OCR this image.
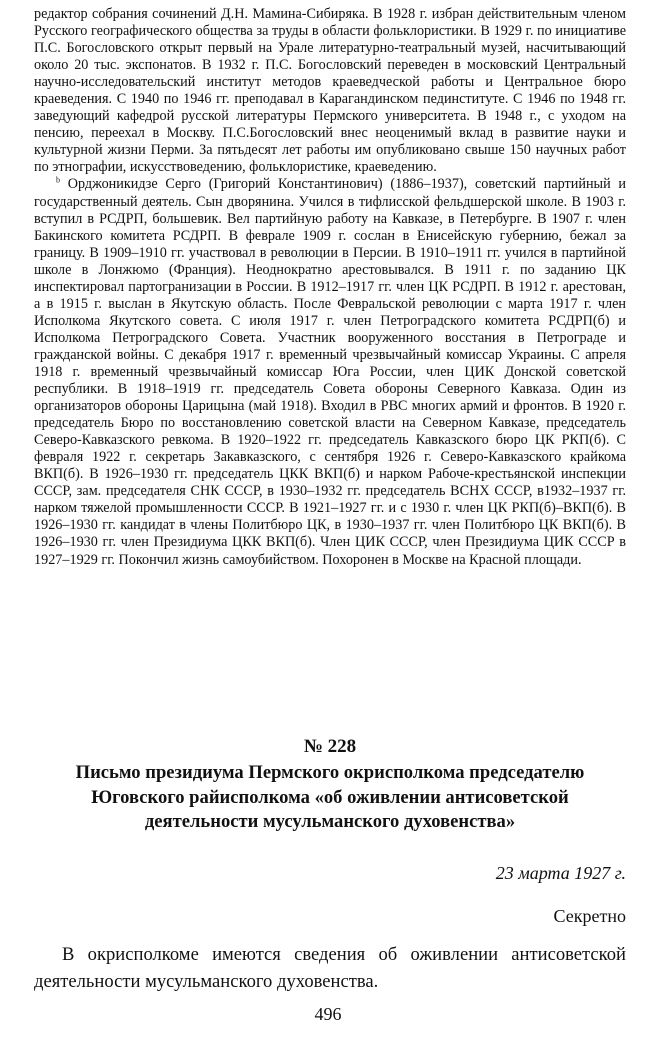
редактор собрания сочинений Д.Н. Мамина-Сибиряка. В 1928 г. избран действительным членом Русского географического общества за труды в области фольклористики. В 1929 г. по инициативе П.С. Богословского открыт первый на Урале литературно-театральный музей, насчитывающий около 20 тыс. экспонатов. В 1932 г. П.С. Богословский переведен в московский Центральный научно-исследовательский институт методов краеведческой работы и Центральное бюро краеведения. С 1940 по 1946 гг. преподавал в Карагандинском пединституте. С 1946 по 1948 гг. заведующий кафедрой русской литературы Пермского университета. В 1948 г., с уходом на пенсию, переехал в Москву. П.С.Богословский внес неоценимый вклад в развитие науки и культурной жизни Перми. За пятьдесят лет работы им опубликовано свыше 150 научных работ по этнографии, искусствоведению, фольклористике, краеведению.

$^b$ Орджоникидзе Серго (Григорий Константинович) (1886–1937), советский партийный и государственный деятель. Сын дворянина. Учился в тифлисской фельдшерской школе. В 1903 г. вступил в РСДРП, большевик. Вел партийную работу на Кавказе, в Петербурге. В 1907 г. член Бакинского комитета РСДРП. В феврале 1909 г. сослан в Енисейскую губернию, бежал за границу. В 1909–1910 гг. участвовал в революции в Персии. В 1910–1911 гг. учился в партийной школе в Лонжюмо (Франция). Неоднократно арестовывался. В 1911 г. по заданию ЦК инспектировал партогранизации в России. В 1912–1917 гг. член ЦК РСДРП. В 1912 г. арестован, а в 1915 г. выслан в Якутскую область. После Февральской революции с марта 1917 г. член Исполкома Якутского совета. С июля 1917 г. член Петроградского комитета РСДРП(б) и Исполкома Петроградского Совета. Участник вооруженного восстания в Петрограде и гражданской войны. С декабря 1917 г. временный чрезвычайный комиссар Украины. С апреля 1918 г. временный чрезвычайный комиссар Юга России, член ЦИК Донской советской республики. В 1918–1919 гг. председатель Совета обороны Северного Кавказа. Один из организаторов обороны Царицына (май 1918). Входил в РВС многих армий и фронтов. В 1920 г. председатель Бюро по восстановлению советской власти на Северном Кавказе, председатель Северо-Кавказского ревкома. В 1920–1922 гг. председатель Кавказского бюро ЦК РКП(б). С февраля 1922 г. секретарь Закавказского, с сентября 1926 г. Северо-Кавказского крайкома ВКП(б). В 1926–1930 гг. председатель ЦКК ВКП(б) и нарком Рабоче-крестьянской инспекции СССР, зам. председателя СНК СССР, в 1930–1932 гг. председатель ВСНХ СССР, в1932–1937 гг. нарком тяжелой промышленности СССР. В 1921–1927 гг. и с 1930 г. член ЦК РКП(б)–ВКП(б). В 1926–1930 гг. кандидат в члены Политбюро ЦК, в 1930–1937 гг. член Политбюро ЦК ВКП(б). В 1926–1930 гг. член Президиума ЦКК ВКП(б). Член ЦИК СССР, член Президиума ЦИК СССР в 1927–1929 гг. Покончил жизнь самоубийством. Похоронен в Москве на Красной площади.

№ 228
Письмо президиума Пермского окрисполкома председателю Юговского райисполкома «об оживлении антисоветской деятельности мусульманского духовенства»
23 марта 1927 г.
Секретно

В окрисполкоме имеются сведения об оживлении антисоветской деятельности мусульманского духовенства.

496
